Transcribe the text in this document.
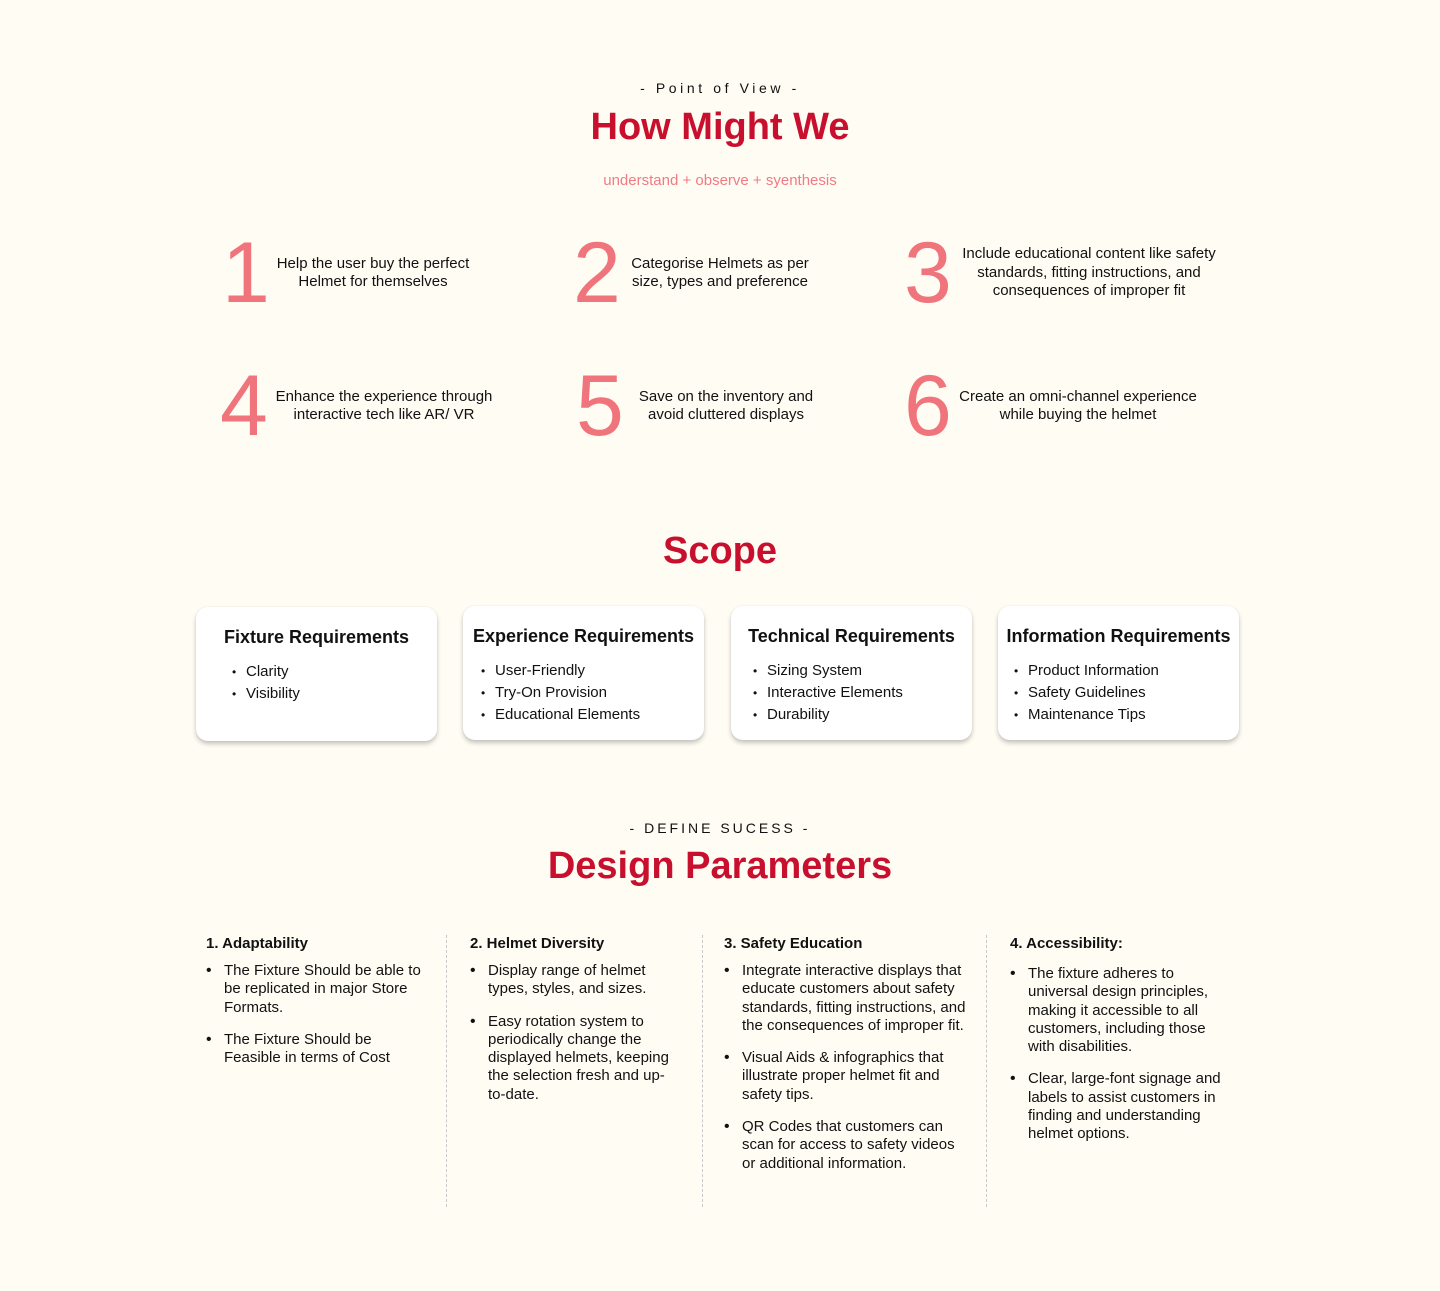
- Point of View -
How Might We
understand + observe + syenthesis
1 Help the user buy the perfect Helmet for themselves	2 Categorise Helmets as per size, types and preference 3 Include educational content like safety standards, fitting instructions, and consequences of improper fit
4 Enhance the experience through interactive tech like AR/ VR 5	Save on the inventory and avoid cluttered displays 6 Create an omni-channel experience while buying the helmet
Scope
Fixture Requirements
• Clarity
• Visibility
Experience Requirements
• User-Friendly
• Try-On Provision
• Educational Elements
Technical Requirements
• Sizing System
• Interactive Elements
• Durability
Information Requirements
• Product Information
• Safety Guidelines
• Maintenance Tips
- DEFINE SUCESS -
Design Parameters
1. Adaptability
• The Fixture Should be able to be replicated in major Store Formats.
• The Fixture Should be Feasible in terms of Cost
2. Helmet Diversity
• Display range of helmet types, styles, and sizes.
• Easy rotation system to periodically change the displayed helmets, keeping the selection fresh and up-to-date.
3. Safety Education
• Integrate interactive displays that educate customers about safety standards, fitting instructions, and the consequences of improper fit.
• Visual Aids & infographics that illustrate proper helmet fit and safety tips.
• QR Codes that customers can scan for access to safety videos or additional information.
4. Accessibility:
• The fixture adheres to universal design principles, making it accessible to all customers, including those with disabilities.
• Clear, large-font signage and labels to assist customers in finding and understanding helmet options.
